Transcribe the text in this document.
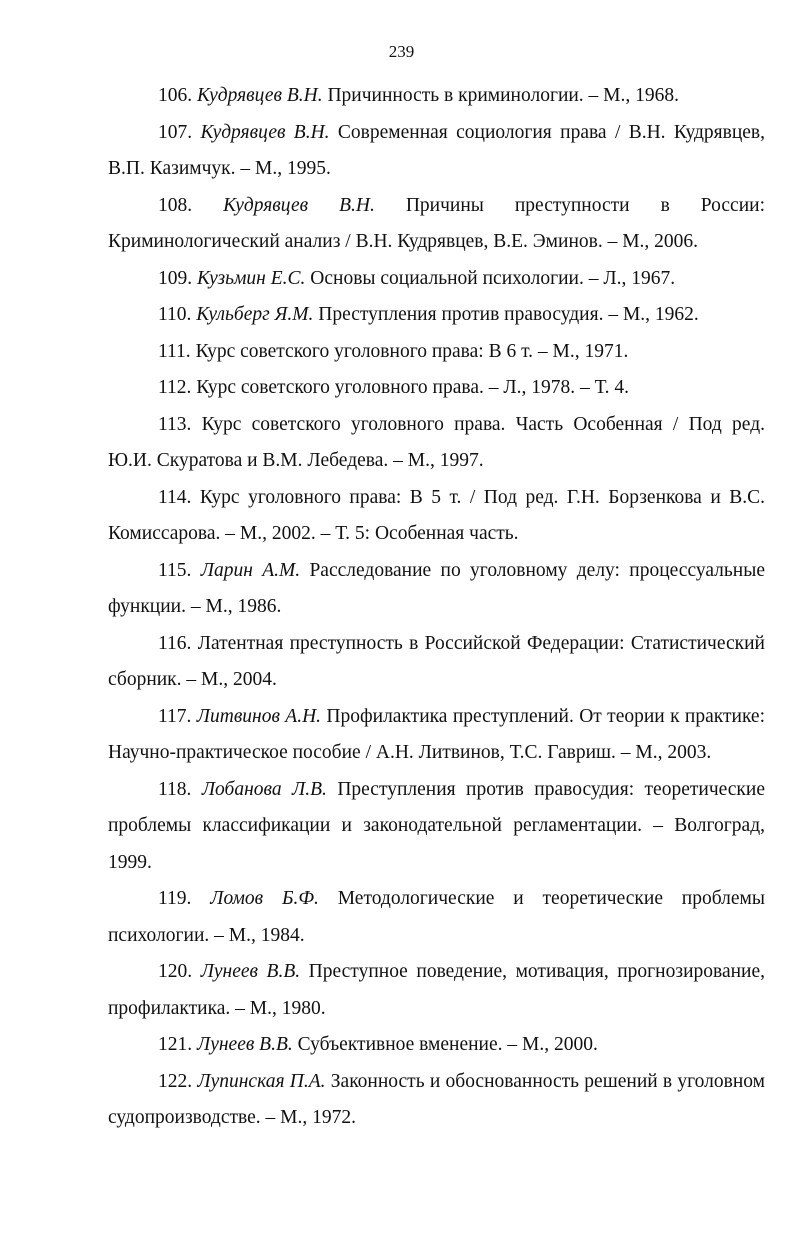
239

106. Кудрявцев В.Н. Причинность в криминологии. – М., 1968.

107. Кудрявцев В.Н. Современная социология права / В.Н. Кудрявцев, В.П. Казимчук. – М., 1995.

108. Кудрявцев В.Н. Причины преступности в России: Криминологический анализ / В.Н. Кудрявцев, В.Е. Эминов. – М., 2006.

109. Кузьмин Е.С. Основы социальной психологии. – Л., 1967.

110. Кульберг Я.М. Преступления против правосудия. – М., 1962.

111. Курс советского уголовного права: В 6 т. – М., 1971.

112. Курс советского уголовного права. – Л., 1978. – Т. 4.

113. Курс советского уголовного права. Часть Особенная / Под ред. Ю.И. Скуратова и В.М. Лебедева. – М., 1997.

114. Курс уголовного права: В 5 т. / Под ред. Г.Н. Борзенкова и В.С. Комиссарова. – М., 2002. – Т. 5: Особенная часть.

115. Ларин А.М. Расследование по уголовному делу: процессуальные функции. – М., 1986.

116. Латентная преступность в Российской Федерации: Статистический сборник. – М., 2004.

117. Литвинов А.Н. Профилактика преступлений. От теории к практике: Научно-практическое пособие / А.Н. Литвинов, Т.С. Гавриш. – М., 2003.

118. Лобанова Л.В. Преступления против правосудия: теоретические проблемы классификации и законодательной регламентации. – Волгоград, 1999.

119. Ломов Б.Ф. Методологические и теоретические проблемы психологии. – М., 1984.

120. Лунеев В.В. Преступное поведение, мотивация, прогнозирование, профилактика. – М., 1980.

121. Лунеев В.В. Субъективное вменение. – М., 2000.

122. Лупинская П.А. Законность и обоснованность решений в уголовном судопроизводстве. – М., 1972.
